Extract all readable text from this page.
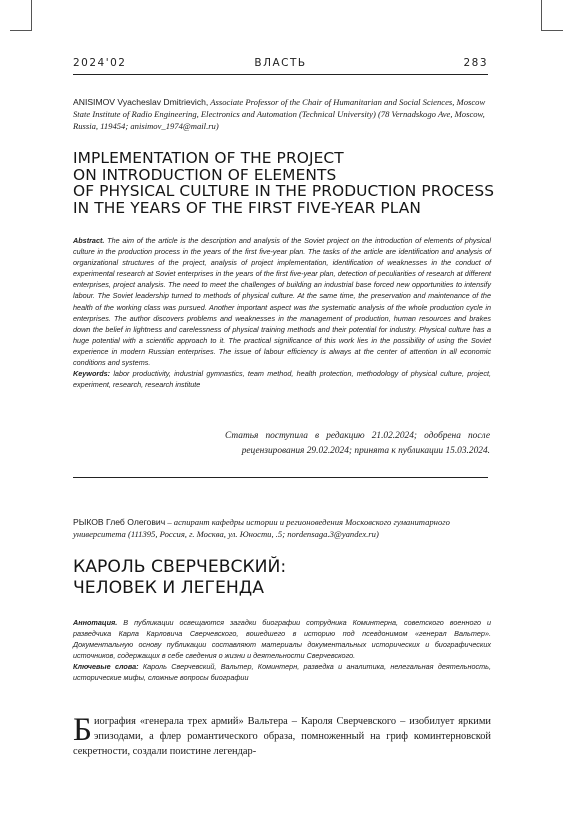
2024'02	ВЛАСТЬ	283
ANISIMOV Vyacheslav Dmitrievich, Associate Professor of the Chair of Humanitarian and Social Sciences, Moscow State Institute of Radio Engineering, Electronics and Automation (Technical University) (78 Vernadskogo Ave, Moscow, Russia, 119454; anisimov_1974@mail.ru)
IMPLEMENTATION OF THE PROJECT
ON INTRODUCTION OF ELEMENTS
OF PHYSICAL CULTURE IN THE PRODUCTION PROCESS
IN THE YEARS OF THE FIRST FIVE-YEAR PLAN

Abstract. The aim of the article is the description and analysis of the Soviet project on the introduction of elements of physical culture in the production process in the years of the first five-year plan. The tasks of the article are identification and analysis of organizational structures of the project, analysis of project implementation, identification of weaknesses in the conduct of experimental research at Soviet enterprises in the years of the first five-year plan, detection of peculiarities of research at different enterprises, project analysis. The need to meet the challenges of building an industrial base forced new opportunities to intensify labour. The Soviet leadership turned to methods of physical culture. At the same time, the preservation and maintenance of the health of the working class was pursued. Another important aspect was the systematic analysis of the whole production cycle in enterprises. The author discovers problems and weaknesses in the management of production, human resources and brakes down the belief in lightness and carelessness of physical training methods and their potential for industry. Physical culture has a huge potential with a scientific approach to it. The practical significance of this work lies in the possibility of using the Soviet experience in modern Russian enterprises. The issue of labour efficiency is always at the center of attention in all economic conditions and systems.

Keywords: labor productivity, industrial gymnastics, team method, health protection, methodology of physical culture, project, experiment, research, research institute

Статья поступила в редакцию 21.02.2024; одобрена после рецензирования 29.02.2024; принята к публикации 15.03.2024.
РЫКОВ Глеб Олегович – аспирант кафедры истории и регионоведения Московского гуманитарного университета (111395, Россия, г. Москва, ул. Юности, .5; nordensaga.3@yandex.ru)
КАРОЛЬ СВЕРЧЕВСКИЙ:
ЧЕЛОВЕК И ЛЕГЕНДА

Аннотация. В публикации освещаются загадки биографии сотрудника Коминтерна, советского военного и разведчика Карла Карловича Сверчевского, вошедшего в историю под псевдонимом «генерал Вальтер». Документальную основу публикации составляют материалы документальных исторических и биографических источников, содержащих в себе сведения о жизни и деятельности Сверчевского.

Ключевые слова: Кароль Сверчевский, Вальтер, Коминтерн, разведка и аналитика, нелегальная деятельность, исторические мифы, сложные вопросы биографии

Биография «генерала трех армий» Вальтера – Кароля Сверчевского – изобилует яркими эпизодами, а флер романтического образа, помноженный на гриф коминтерновской секретности, создали поистине легендар-
